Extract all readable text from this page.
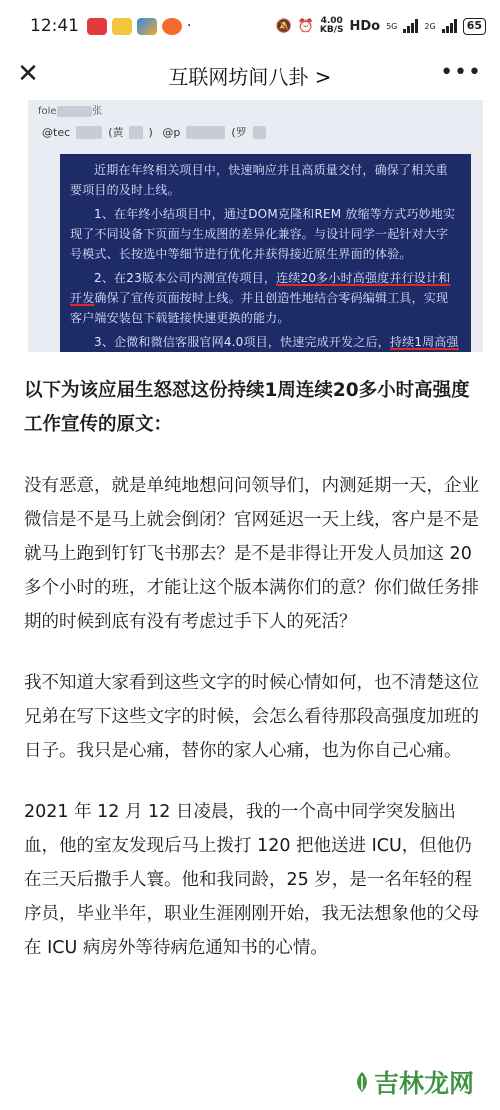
12:41	·	🔕 ⏰ 4.00
KB/S HDo 5G	2G	65
✕	互联网坊间八卦 >	•••
fole	张
@tec	(黄 ) @p	(罗

近期在年终相关项目中，快速响应并且高质量交付，确保了相关重要项目的及时上线。

1、在年终小结项目中，通过DOM克隆和REM 放缩等方式巧妙地实现了不同设备下页面与生成图的差异化兼容。与设计同学一起针对大字号模式、长按选中等细节进行优化并获得接近原生界面的体验。

2、在23版本公司内测宣传项目，连续20多小时高强度并行设计和开发确保了宣传页面按时上线。并且创造性地结合零码编辑工具，实现客户端安装包下载链接快速更换的能力。

3、企微和微信客服官网4.0项目，快速完成开发之后，持续1周高强

以下为该应届生怒怼这份持续1周连续20多小时高强度工作宣传的原文：

没有恶意，就是单纯地想问问领导们，内测延期一天，企业微信是不是马上就会倒闭？官网延迟一天上线，客户是不是就马上跑到钉钉飞书那去？是不是非得让开发人员加这 20 多个小时的班，才能让这个版本满你们的意？你们做任务排期的时候到底有没有考虑过手下人的死活？

我不知道大家看到这些文字的时候心情如何，也不清楚这位兄弟在写下这些文字的时候，会怎么看待那段高强度加班的日子。我只是心痛，替你的家人心痛，也为你自己心痛。

2021 年 12 月 12 日凌晨，我的一个高中同学突发脑出血，他的室友发现后马上拨打 120 把他送进 ICU，但他仍在三天后撒手人寰。他和我同龄，25 岁，是一名年轻的程序员，毕业半年，职业生涯刚刚开始，我无法想象他的父母在 ICU 病房外等待病危通知书的心情。

吉林龙网
